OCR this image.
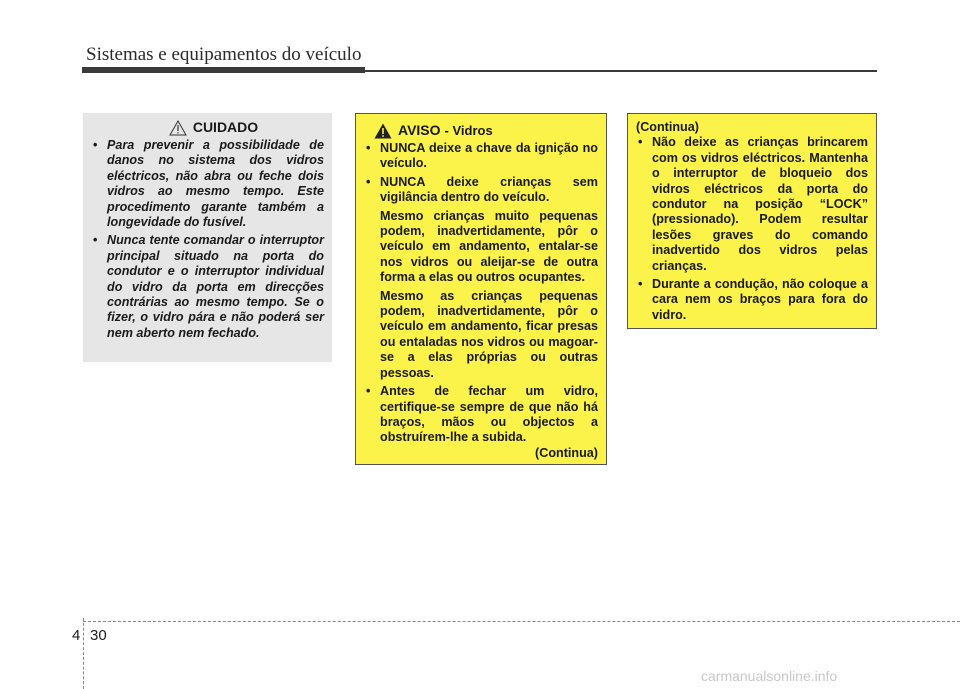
Sistemas e equipamentos do veículo
CUIDADO
• Para prevenir a possibilidade de danos no sistema dos vidros eléctricos, não abra ou feche dois vidros ao mesmo tempo. Este procedimento garante também a longevidade do fusível.
• Nunca tente comandar o interruptor principal situado na porta do condutor e o interruptor individual do vidro da porta em direcções contrárias ao mesmo tempo. Se o fizer, o vidro pára e não poderá ser nem aberto nem fechado.
AVISO - Vidros
• NUNCA deixe a chave da ignição no veículo.
• NUNCA deixe crianças sem vigilância dentro do veículo.
Mesmo crianças muito pequenas podem, inadvertidamente, pôr o veículo em andamento, entalar-se nos vidros ou aleijar-se de outra forma a elas ou outros ocupantes.
Mesmo as crianças pequenas podem, inadvertidamente, pôr o veículo em andamento, ficar presas ou entaladas nos vidros ou magoar-se a elas próprias ou outras pessoas.
• Antes de fechar um vidro, certifique-se sempre de que não há braços, mãos ou objectos a obstruírem-lhe a subida.
(Continua)
(Continua)
• Não deixe as crianças brincarem com os vidros eléctricos. Mantenha o interruptor de bloqueio dos vidros eléctricos da porta do condutor na posição “LOCK” (pressionado). Podem resultar lesões graves do comando inadvertido dos vidros pelas crianças.
• Durante a condução, não coloque a cara nem os braços para fora do vidro.
4 30
carmanualsonline.info
